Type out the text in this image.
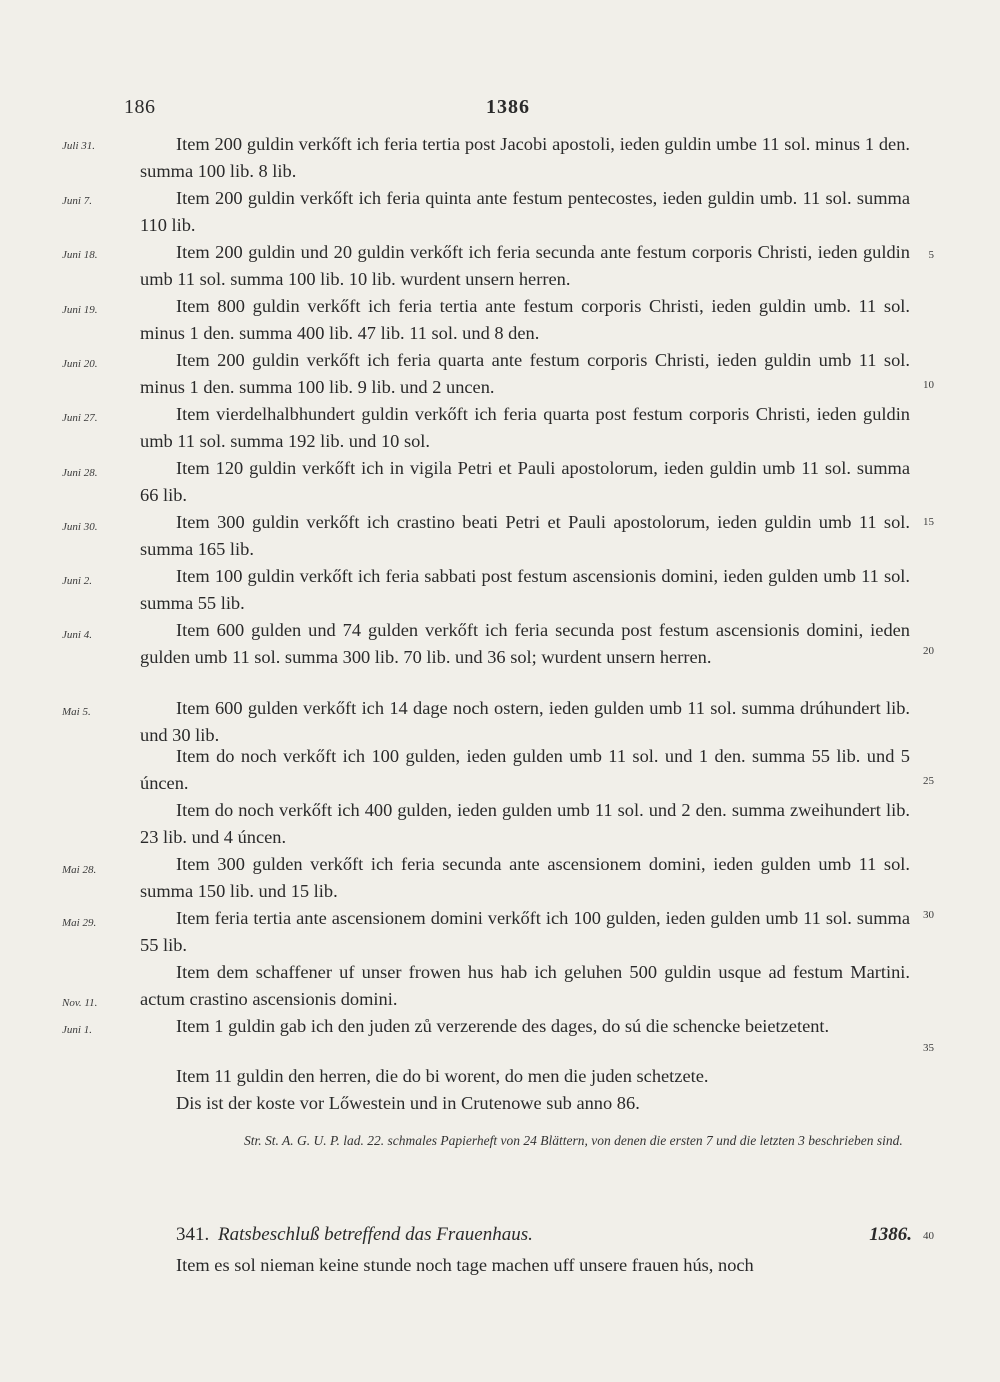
186	1386
Juli 31.
Juni 7.
Juni 18.
Juni 19.
Juni 20.
Juni 27.
Juni 28.
Juni 30.
Juni 2.
Juni 4.
Mai 5.
Mai 28.
Mai 29.
Nov. 11.
Juni 1.
5
10
15
20
25
30
35
40

Item 200 guldin verkőft ich feria tertia post Jacobi apostoli, ieden guldin umbe 11 sol. minus 1 den. summa 100 lib. 8 lib.

Item 200 guldin verkőft ich feria quinta ante festum pentecostes, ieden guldin umb. 11 sol. summa 110 lib.

Item 200 guldin und 20 guldin verkőft ich feria secunda ante festum corporis Christi, ieden guldin umb 11 sol. summa 100 lib. 10 lib. wurdent unsern herren.

Item 800 guldin verkőft ich feria tertia ante festum corporis Christi, ieden guldin umb. 11 sol. minus 1 den. summa 400 lib. 47 lib. 11 sol. und 8 den.

Item 200 guldin verkőft ich feria quarta ante festum corporis Christi, ieden guldin umb 11 sol. minus 1 den. summa 100 lib. 9 lib. und 2 uncen.

Item vierdelhalbhundert guldin verkőft ich feria quarta post festum corporis Christi, ieden guldin umb 11 sol. summa 192 lib. und 10 sol.

Item 120 guldin verkőft ich in vigila Petri et Pauli apostolorum, ieden guldin umb 11 sol. summa 66 lib.

Item 300 guldin verkőft ich crastino beati Petri et Pauli apostolorum, ieden guldin umb 11 sol. summa 165 lib.

Item 100 guldin verkőft ich feria sabbati post festum ascensionis domini, ieden gulden umb 11 sol. summa 55 lib.

Item 600 gulden und 74 gulden verkőft ich feria secunda post festum ascensionis domini, ieden gulden umb 11 sol. summa 300 lib. 70 lib. und 36 sol; wurdent unsern herren.

Item 600 gulden verkőft ich 14 dage noch ostern, ieden gulden umb 11 sol. summa drúhundert lib. und 30 lib.

Item do noch verkőft ich 100 gulden, ieden gulden umb 11 sol. und 1 den. summa 55 lib. und 5 úncen.

Item do noch verkőft ich 400 gulden, ieden gulden umb 11 sol. und 2 den. summa zweihundert lib. 23 lib. und 4 úncen.

Item 300 gulden verkőft ich feria secunda ante ascensionem domini, ieden gulden umb 11 sol. summa 150 lib. und 15 lib.

Item feria tertia ante ascensionem domini verkőft ich 100 gulden, ieden gulden umb 11 sol. summa 55 lib.

Item dem schaffener uf unser frowen hus hab ich geluhen 500 guldin usque ad festum Martini. actum crastino ascensionis domini.

Item 1 guldin gab ich den juden zů verzerende des dages, do sú die schencke beietzetent.

Item 11 guldin den herren, die do bi worent, do men die juden schetzete.

Dis ist der koste vor Lőwestein und in Crutenowe sub anno 86.

Str. St. A. G. U. P. lad. 22. schmales Papierheft von 24 Blättern, von denen die ersten 7 und die letzten 3 beschrieben sind.
341. Ratsbeschluß betreffend das Frauenhaus.	1386.

Item es sol nieman keine stunde noch tage machen uff unsere frauen hús, noch
